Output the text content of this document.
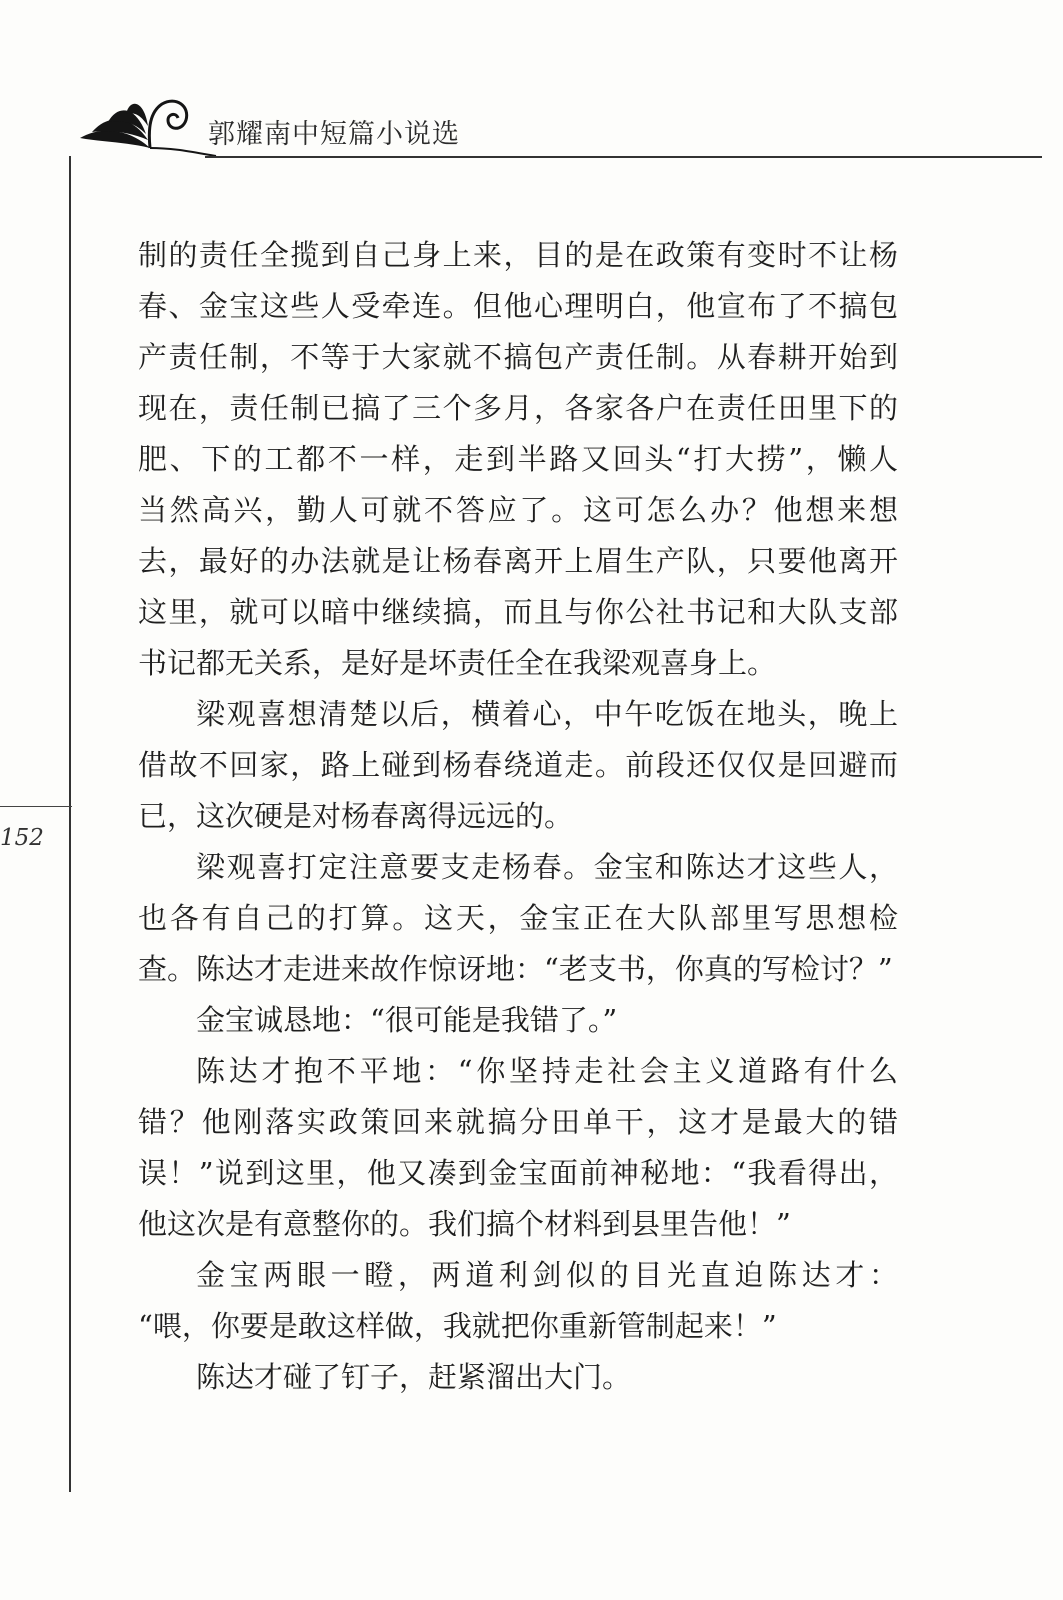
郭耀南中短篇小说选
152
制的责任全揽到自己身上来，目的是在政策有变时不让杨
春、金宝这些人受牵连。但他心理明白，他宣布了不搞包
产责任制，不等于大家就不搞包产责任制。从春耕开始到
现在，责任制已搞了三个多月，各家各户在责任田里下的
肥、下的工都不一样，走到半路又回头“打大捞”，懒人
当然高兴，勤人可就不答应了。这可怎么办？他想来想
去，最好的办法就是让杨春离开上眉生产队，只要他离开
这里，就可以暗中继续搞，而且与你公社书记和大队支部
书记都无关系，是好是坏责任全在我梁观喜身上。
梁观喜想清楚以后，横着心，中午吃饭在地头，晚上
借故不回家，路上碰到杨春绕道走。前段还仅仅是回避而
已，这次硬是对杨春离得远远的。
梁观喜打定注意要支走杨春。金宝和陈达才这些人，
也各有自己的打算。这天，金宝正在大队部里写思想检
查。陈达才走进来故作惊讶地：“老支书，你真的写检讨？”
金宝诚恳地：“很可能是我错了。”
陈达才抱不平地：“你坚持走社会主义道路有什么
错？他刚落实政策回来就搞分田单干，这才是最大的错
误！”说到这里，他又凑到金宝面前神秘地：“我看得出，
他这次是有意整你的。我们搞个材料到县里告他！”
金宝两眼一瞪，两道利剑似的目光直迫陈达才：
“喂，你要是敢这样做，我就把你重新管制起来！”
陈达才碰了钉子，赶紧溜出大门。
